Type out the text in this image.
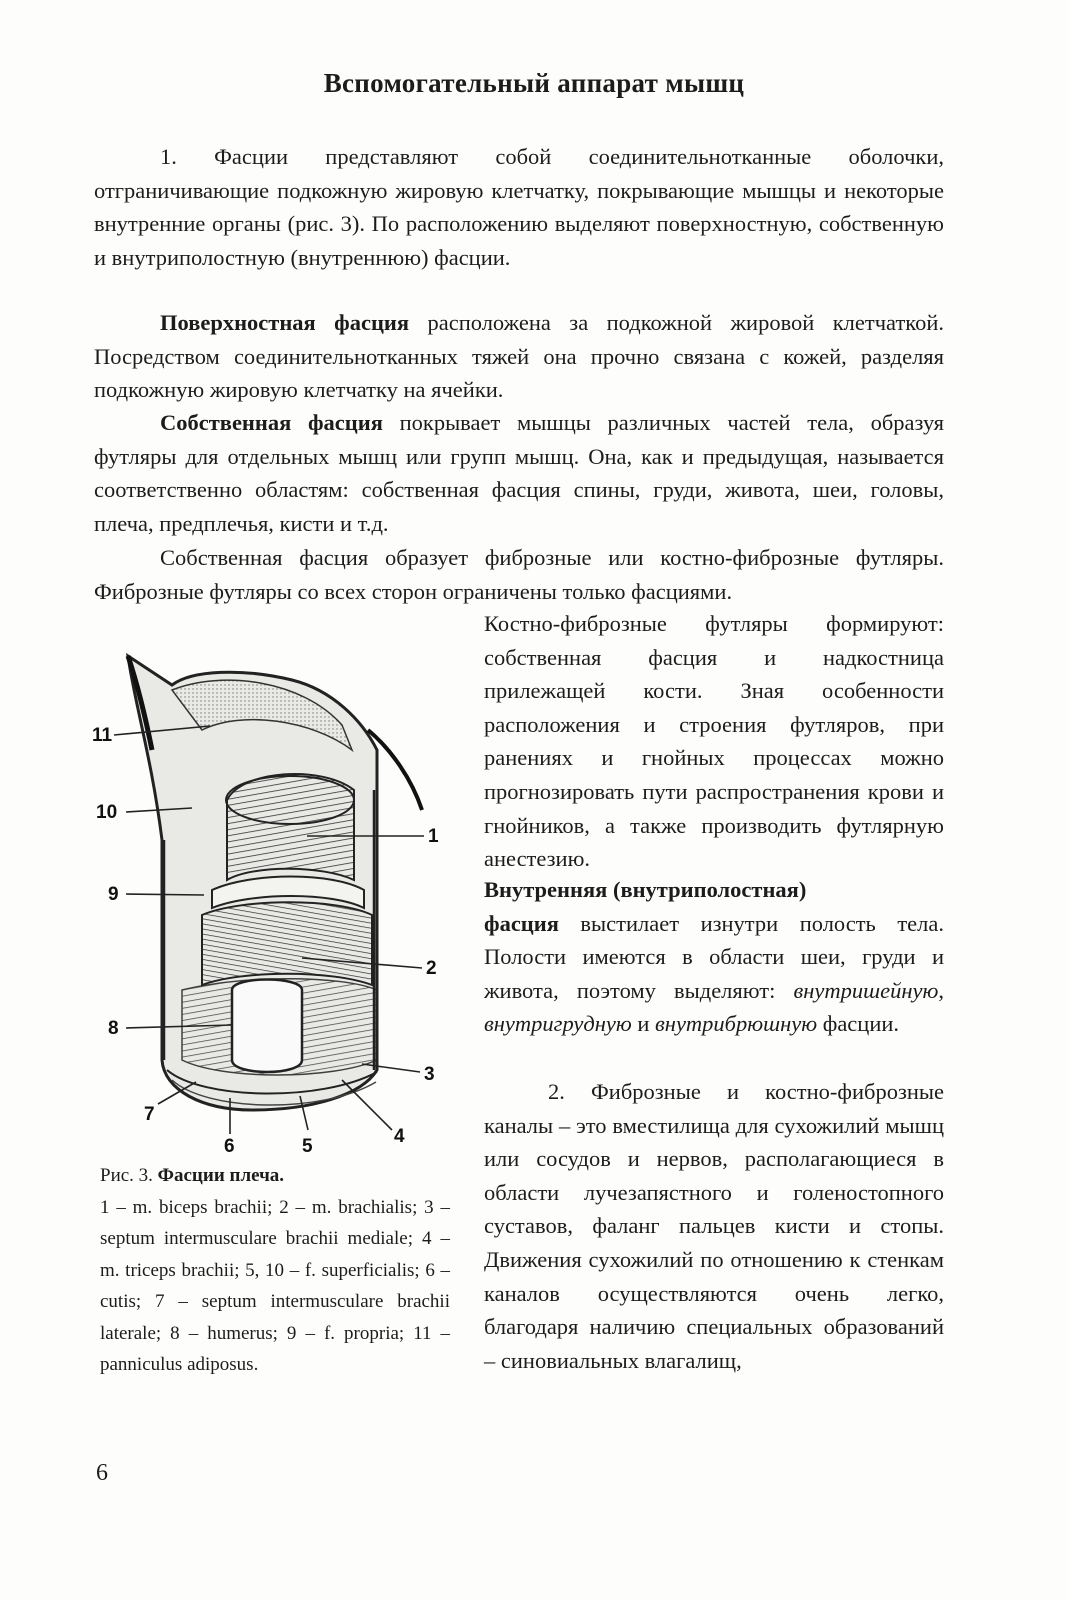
Вспомогательный аппарат мышц

1. Фасции представляют собой соединительнотканные оболочки, отграничивающие подкожную жировую клетчатку, покрывающие мышцы и некоторые внутренние органы (рис. 3). По расположению выделяют поверхностную, собственную и внутриполостную (внутреннюю) фасции.

Поверхностная фасция расположена за подкожной жировой клетчаткой. Посредством соединительнотканных тяжей она прочно связана с кожей, разделяя подкожную жировую клетчатку на ячейки.

Собственная фасция покрывает мышцы различных частей тела, образуя футляры для отдельных мышц или групп мышц. Она, как и предыдущая, называется соответственно областям: собственная фасция спины, груди, живота, шеи, головы, плеча, предплечья, кисти и т.д.

Собственная фасция образует фиброзные или костно-фиброзные футляры. Фиброзные футляры со всех сторон ограничены только фасциями.

Костно-фиброзные футляры формируют: собственная фасция и надкостница прилежащей кости. Зная особенности расположения и строения футляров, при ранениях и гнойных процессах можно прогнозировать пути распространения крови и гнойников, а также производить футлярную анестезию.

Внутренняя (внутриполостная)
фасция выстилает изнутри полость тела. Полости имеются в области шеи, груди и живота, поэтому выделяют: внутришейную, внутригрудную и внутрибрюшную фасции.

2. Фиброзные и костно-фиброзные каналы – это вместилища для сухожилий мышц или сосудов и нервов, располагающиеся в области лучезапястного и голеностопного суставов, фаланг пальцев кисти и стопы. Движения сухожилий по отношению к стенкам каналов осуществляются очень легко, благодаря наличию специальных образований – синовиальных влагалищ,

1
2
3
4
5
6
7
8
9
10
11

Рис. 3. Фасции плеча.
1 – m. biceps brachii; 2 – m. brachialis; 3 – septum intermusculare brachii mediale; 4 – m. triceps brachii; 5, 10 – f. superficialis; 6 – cutis; 7 – septum intermusculare brachii laterale; 8 – humerus; 9 – f. propria; 11 – panniculus adiposus.

6
